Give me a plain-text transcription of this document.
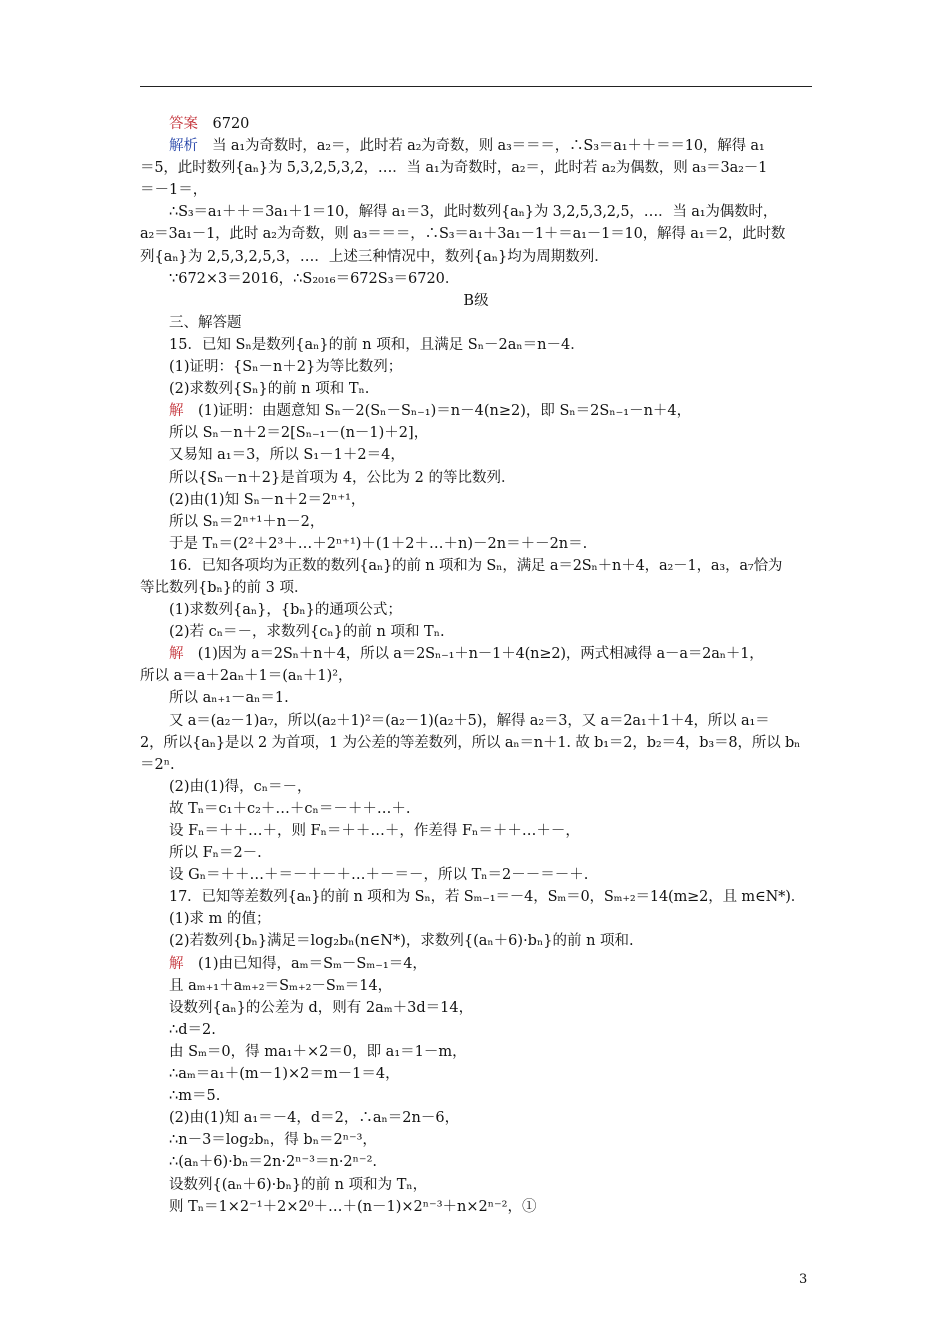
答案　 6720

解析　 当 a₁为奇数时，a₂＝，此时若 a₂为奇数，则 a₃＝＝＝，∴S₃＝a₁＋＋＝＝10，解得 a₁

＝5，此时数列{aₙ}为 5,3,2,5,3,2，…．当 a₁为奇数时，a₂＝，此时若 a₂为偶数，则 a₃＝3a₂－1

＝－1＝，

∴S₃＝a₁＋＋＝3a₁＋1＝10，解得 a₁＝3，此时数列{aₙ}为 3,2,5,3,2,5，…．当 a₁为偶数时，

a₂＝3a₁－1，此时 a₂为奇数，则 a₃＝＝＝，∴S₃＝a₁＋3a₁－1＋＝a₁－1＝10，解得 a₁＝2，此时数

列{aₙ}为 2,5,3,2,5,3，…．上述三种情况中，数列{aₙ}均为周期数列．

∵672×3＝2016，∴S₂₀₁₆＝672S₃＝6720．

B级

三、解答题

15．已知 Sₙ是数列{aₙ}的前 n 项和，且满足 Sₙ－2aₙ＝n－4．

(1)证明：{Sₙ－n＋2}为等比数列；

(2)求数列{Sₙ}的前 n 项和 Tₙ.

解　 (1)证明：由题意知 Sₙ－2(Sₙ－Sₙ₋₁)＝n－4(n≥2)，即 Sₙ＝2Sₙ₋₁－n＋4，

所以 Sₙ－n＋2＝2[Sₙ₋₁－(n－1)＋2]，

又易知 a₁＝3，所以 S₁－1＋2＝4，

所以{Sₙ－n＋2}是首项为 4，公比为 2 的等比数列．

(2)由(1)知 Sₙ－n＋2＝2ⁿ⁺¹，

所以 Sₙ＝2ⁿ⁺¹＋n－2，

于是 Tₙ＝(2²＋2³＋…＋2ⁿ⁺¹)＋(1＋2＋…＋n)－2n＝＋－2n＝.

16．已知各项均为正数的数列{aₙ}的前 n 项和为 Sₙ，满足 a＝2Sₙ＋n＋4，a₂－1，a₃，a₇恰为

等比数列{bₙ}的前 3 项．

(1)求数列{aₙ}，{bₙ}的通项公式；

(2)若 cₙ＝－，求数列{cₙ}的前 n 项和 Tₙ.

解　 (1)因为 a＝2Sₙ＋n＋4，所以 a＝2Sₙ₋₁＋n－1＋4(n≥2)，两式相减得 a－a＝2aₙ＋1，

所以 a＝a＋2aₙ＋1＝(aₙ＋1)²，

所以 aₙ₊₁－aₙ＝1.

又 a＝(a₂－1)a₇，所以(a₂＋1)²＝(a₂－1)(a₂＋5)，解得 a₂＝3，又 a＝2a₁＋1＋4，所以 a₁＝

2，所以{aₙ}是以 2 为首项，1 为公差的等差数列，所以 aₙ＝n＋1. 故 b₁＝2，b₂＝4，b₃＝8，所以 bₙ

＝2ⁿ.

(2)由(1)得，cₙ＝－，

故 Tₙ＝c₁＋c₂＋…＋cₙ＝－＋＋…＋.

设 Fₙ＝＋＋…＋，则 Fₙ＝＋＋…＋，作差得 Fₙ＝＋＋…＋－，

所以 Fₙ＝2－.

设 Gₙ＝＋＋…＋＝－＋－＋…＋－＝－，所以 Tₙ＝2－－＝－＋.

17．已知等差数列{aₙ}的前 n 项和为 Sₙ，若 Sₘ₋₁＝－4，Sₘ＝0，Sₘ₊₂＝14(m≥2，且 m∈N*)．

(1)求 m 的值；

(2)若数列{bₙ}满足＝log₂bₙ(n∈N*)，求数列{(aₙ＋6)·bₙ}的前 n 项和.

解　 (1)由已知得，aₘ＝Sₘ－Sₘ₋₁＝4，

且 aₘ₊₁＋aₘ₊₂＝Sₘ₊₂－Sₘ＝14，

设数列{aₙ}的公差为 d，则有 2aₘ＋3d＝14，

∴d＝2.

由 Sₘ＝0，得 ma₁＋×2＝0，即 a₁＝1－m，

∴aₘ＝a₁＋(m－1)×2＝m－1＝4，

∴m＝5.

(2)由(1)知 a₁＝－4，d＝2，∴aₙ＝2n－6，

∴n－3＝log₂bₙ，得 bₙ＝2ⁿ⁻³，

∴(aₙ＋6)·bₙ＝2n·2ⁿ⁻³＝n·2ⁿ⁻².

设数列{(aₙ＋6)·bₙ}的前 n 项和为 Tₙ，

则 Tₙ＝1×2⁻¹＋2×2⁰＋…＋(n－1)×2ⁿ⁻³＋n×2ⁿ⁻²，①

3
